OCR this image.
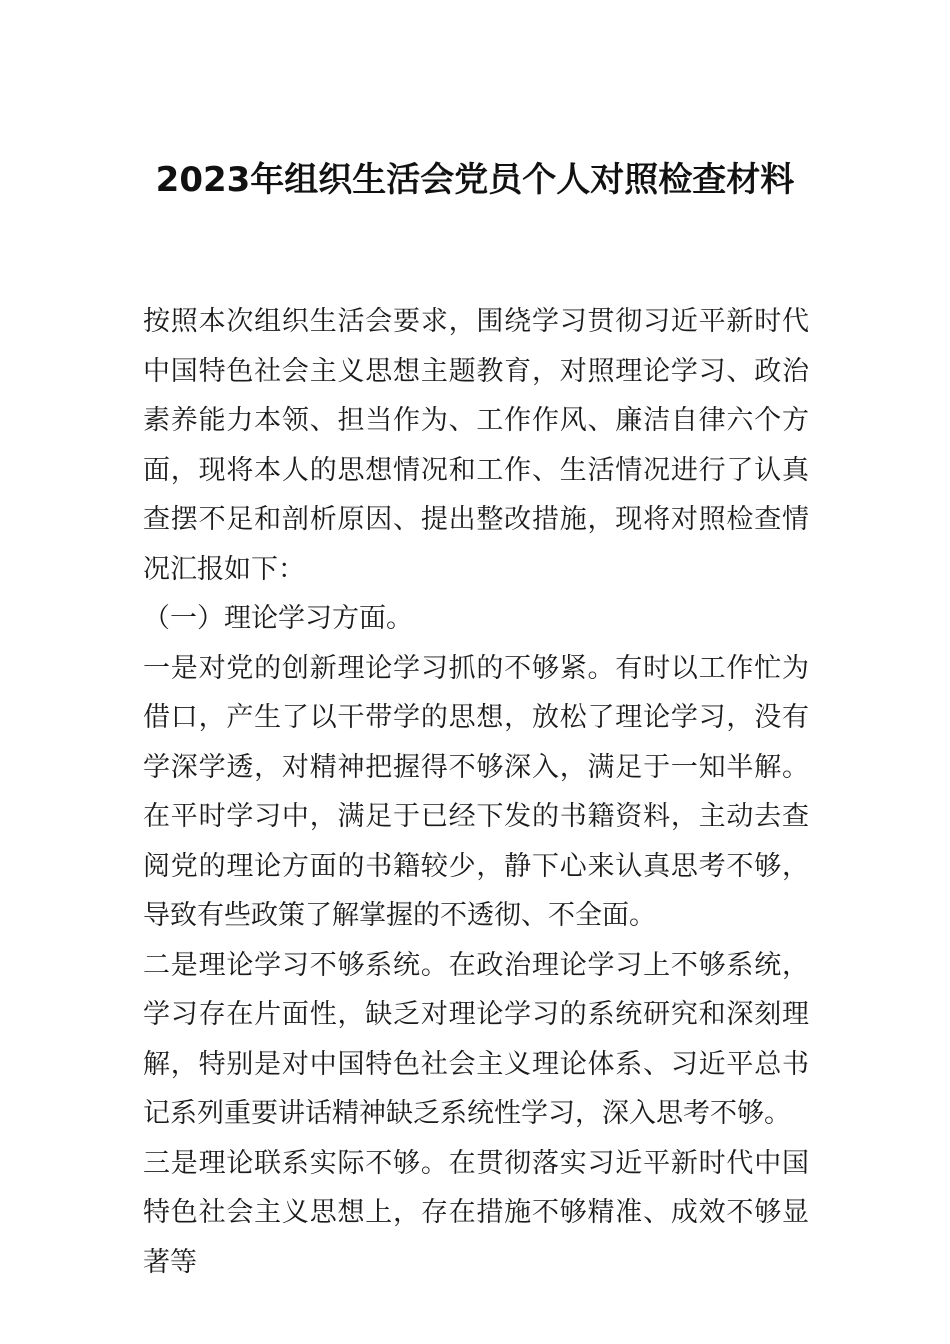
2023年组织生活会党员个人对照检查材料

按照本次组织生活会要求，围绕学习贯彻习近平新时代中国特色社会主义思想主题教育，对照理论学习、政治素养能力本领、担当作为、工作作风、廉洁自律六个方面，现将本人的思想情况和工作、生活情况进行了认真查摆不足和剖析原因、提出整改措施，现将对照检查情况汇报如下：

（一）理论学习方面。

一是对党的创新理论学习抓的不够紧。有时以工作忙为借口，产生了以干带学的思想，放松了理论学习，没有学深学透，对精神把握得不够深入，满足于一知半解。在平时学习中，满足于已经下发的书籍资料，主动去查阅党的理论方面的书籍较少，静下心来认真思考不够，导致有些政策了解掌握的不透彻、不全面。

二是理论学习不够系统。在政治理论学习上不够系统，学习存在片面性，缺乏对理论学习的系统研究和深刻理解，特别是对中国特色社会主义理论体系、习近平总书记系列重要讲话精神缺乏系统性学习，深入思考不够。

三是理论联系实际不够。在贯彻落实习近平新时代中国特色社会主义思想上，存在措施不够精准、成效不够显著等
